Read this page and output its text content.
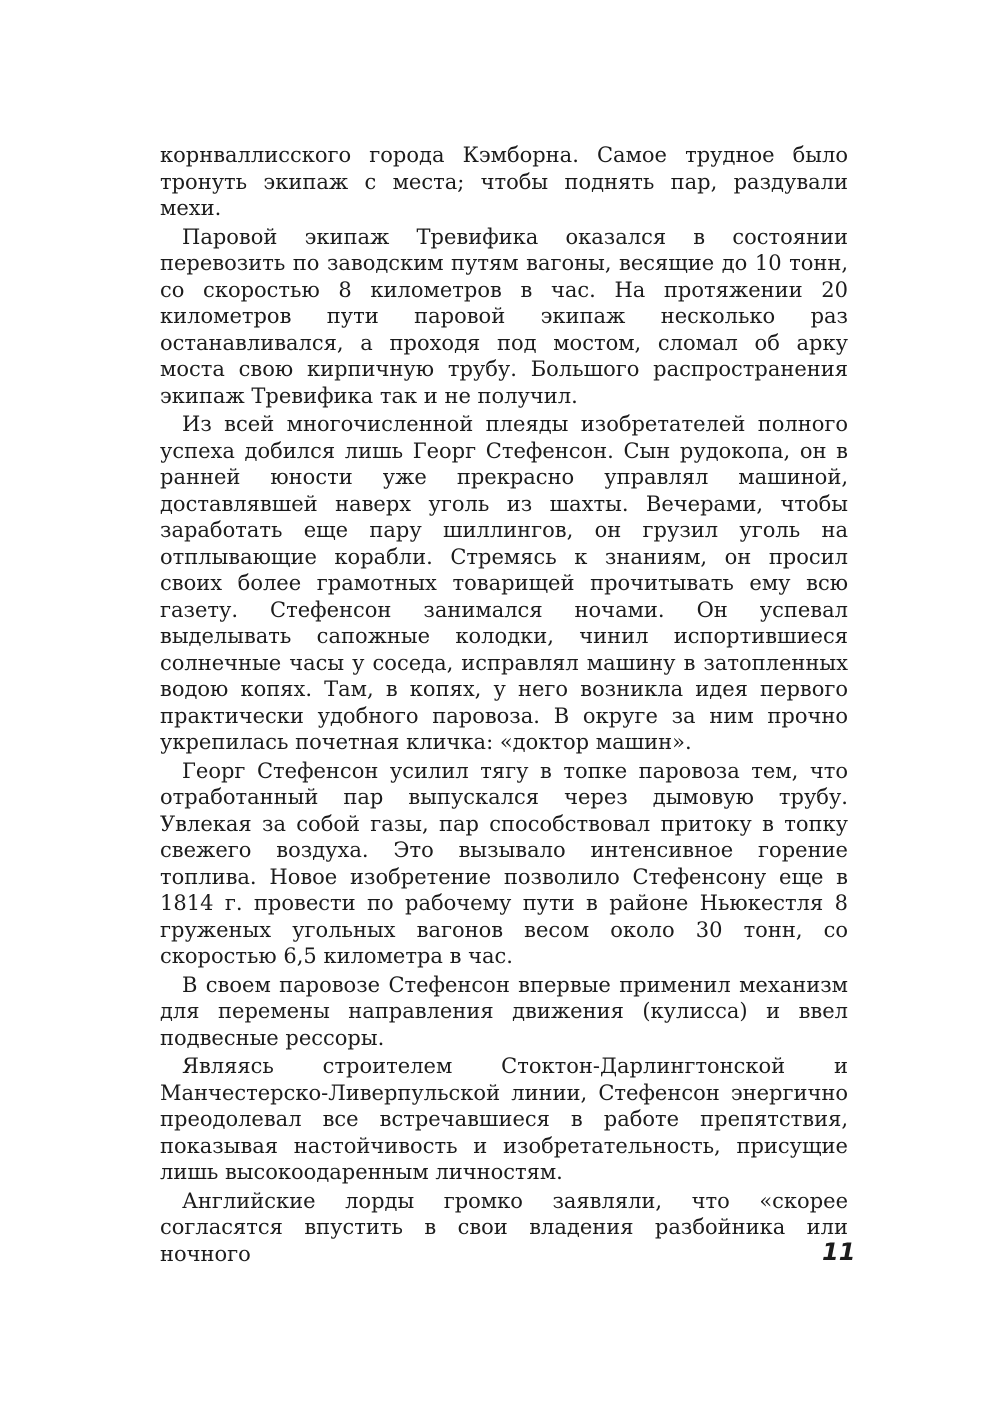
корнваллисского города Кэмборна. Самое трудное было тронуть экипаж с места; чтобы поднять пар, раздували мехи.

Паровой экипаж Тревифика оказался в состоянии перевозить по заводским путям вагоны, весящие до 10 тонн, со скоростью 8 километров в час. На протяжении 20 километров пути паровой экипаж несколько раз останавливался, а проходя под мостом, сломал об арку моста свою кирпичную трубу. Большого распространения экипаж Тревифика так и не получил.

Из всей многочисленной плеяды изобретателей полного успеха добился лишь Георг Стефенсон. Сын рудокопа, он в ранней юности уже прекрасно управлял машиной, доставлявшей наверх уголь из шахты. Вечерами, чтобы заработать еще пару шиллингов, он грузил уголь на отплывающие корабли. Стремясь к знаниям, он просил своих более грамотных товарищей прочитывать ему всю газету. Стефенсон занимался ночами. Он успевал выделывать сапожные колодки, чинил испортившиеся солнечные часы у соседа, исправлял машину в затопленных водою копях. Там, в копях, у него возникла идея первого практически удобного паровоза. В округе за ним прочно укрепилась почетная кличка: «доктор машин».

Георг Стефенсон усилил тягу в топке паровоза тем, что отработанный пар выпускался через дымовую трубу. Увлекая за собой газы, пар способствовал притоку в топку свежего воздуха. Это вызывало интенсивное горение топлива. Новое изобретение позволило Стефенсону еще в 1814 г. провести по рабочему пути в районе Ньюкестля 8 груженых угольных вагонов весом около 30 тонн, со скоростью 6,5 километра в час.

В своем паровозе Стефенсон впервые применил механизм для перемены направления движения (кулисса) и ввел подвесные рессоры.

Являясь строителем Стоктон-Дарлингтонской и Манчестерско-Ливерпульской линии, Стефенсон энергично преодолевал все встречавшиеся в работе препятствия, показывая настойчивость и изобретательность, присущие лишь высокоодаренным личностям.

Английские лорды громко заявляли, что «скорее согласятся впустить в свои владения разбойника или ночного	11
